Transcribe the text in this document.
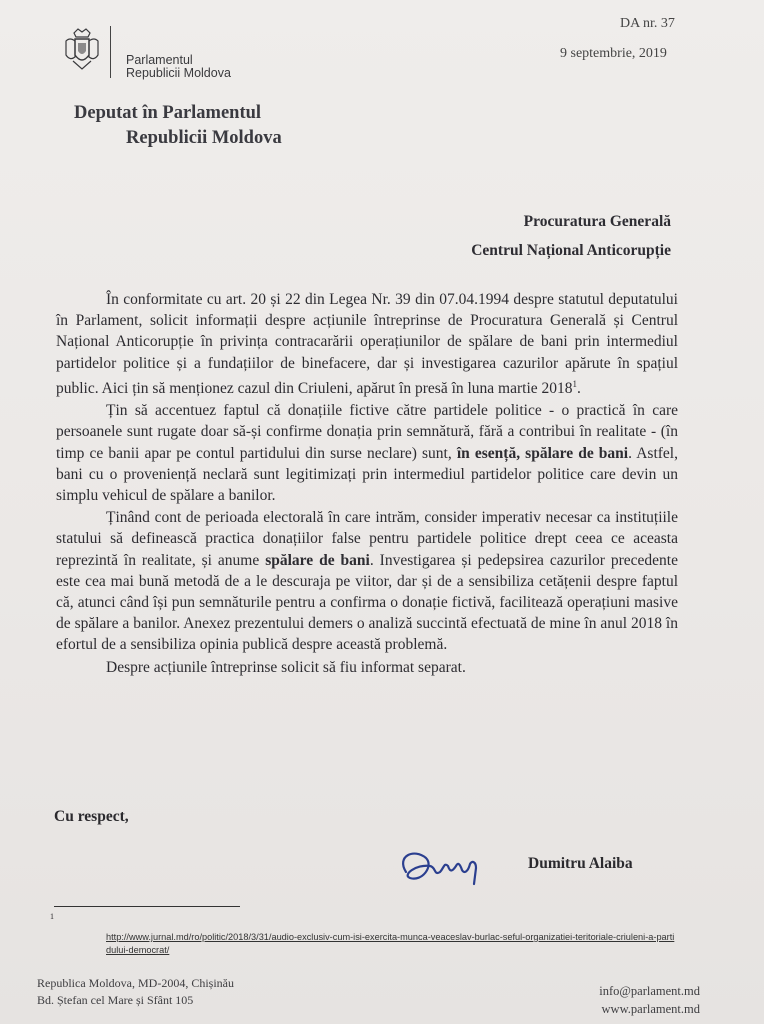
Parlamentul
Republicii Moldova
DA nr. 37
9 septembrie, 2019
Deputat în Parlamentul
Republicii Moldova
Procuratura Generală
Centrul Național Anticorupție

În conformitate cu art. 20 și 22 din Legea Nr. 39 din 07.04.1994 despre statutul deputatului în Parlament, solicit informații despre acțiunile întreprinse de Procuratura Generală și Centrul Național Anticorupție în privința contracarării operațiunilor de spălare de bani prin intermediul partidelor politice și a fundațiilor de binefacere, dar și investigarea cazurilor apărute în spațiul public. Aici țin să menționez cazul din Criuleni, apărut în presă în luna martie 2018$^1$.

Țin să accentuez faptul că donațiile fictive către partidele politice - o practică în care persoanele sunt rugate doar să-și confirme donația prin semnătură, fără a contribui în realitate - (în timp ce banii apar pe contul partidului din surse neclare) sunt, în esență, spălare de bani. Astfel, bani cu o proveniență neclară sunt legitimizați prin intermediul partidelor politice care devin un simplu vehicul de spălare a banilor.

Ținând cont de perioada electorală în care intrăm, consider imperativ necesar ca instituțiile statului să definească practica donațiilor false pentru partidele politice drept ceea ce aceasta reprezintă în realitate, și anume spălare de bani. Investigarea și pedepsirea cazurilor precedente este cea mai bună metodă de a le descuraja pe viitor, dar și de a sensibiliza cetățenii despre faptul că, atunci când își pun semnăturile pentru a confirma o donație fictivă, facilitează operațiuni masive de spălare a banilor. Anexez prezentului demers o analiză succintă efectuată de mine în anul 2018 în efortul de a sensibiliza opinia publică despre această problemă.

Despre acțiunile întreprinse solicit să fiu informat separat.

Cu respect,
Dumitru Alaiba
1
http://www.jurnal.md/ro/politic/2018/3/31/audio-exclusiv-cum-isi-exercita-munca-veaceslav-burlac-seful-organizatiei-teritoriale-criuleni-a-partidului-democrat/
Republica Moldova, MD-2004, Chișinău
Bd. Ștefan cel Mare și Sfânt 105
info@parlament.md
www.parlament.md
